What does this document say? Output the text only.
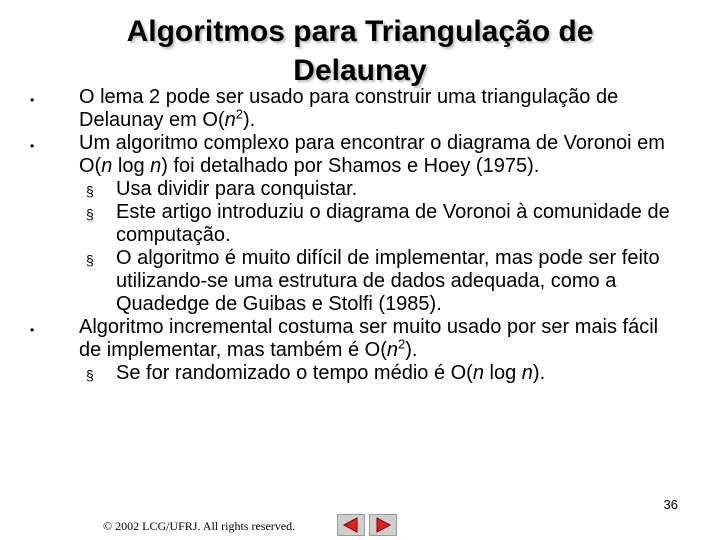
Algoritmos para Triangulação de Delaunay
• O lema 2 pode ser usado para construir uma triangulação de Delaunay em $O(n^2)$.
• Um algoritmo complexo para encontrar o diagrama de Voronoi em O(n log n) foi detalhado por Shamos e Hoey (1975).
§ Usa dividir para conquistar.
§ Este artigo introduziu o diagrama de Voronoi à comunidade de computação.
§ O algoritmo é muito difícil de implementar, mas pode ser feito utilizando-se uma estrutura de dados adequada, como a Quadedge de Guibas e Stolfi (1985).
• Algoritmo incremental costuma ser muito usado por ser mais fácil de implementar, mas também é $O(n^2)$.
§ Se for randomizado o tempo médio é O(n log n).
36
© 2002 LCG/UFRJ. All rights reserved.
